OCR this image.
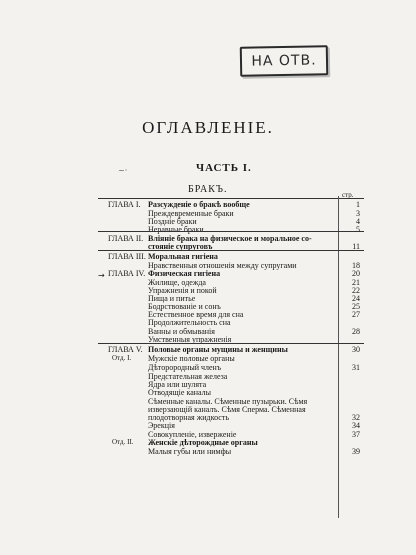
НА ОТВ.
ОГЛАВЛЕНІЕ.
~·	ЧАСТЬ I.
БРАКЪ.	стр.
→
ГЛАВА I. Разсужденіе о бракѣ вообще	1
Преждевременные браки	3
Поздніе браки	4
Неравные браки	5
ГЛАВА II. Вліяніе брака на физическое и моральное со-
стояніе супруговъ	11
ГЛАВА III. Моральная гигіена
Нравственныя отношенія между супругами	18
ГЛАВА IV. Физическая гигіена	20
Жилище, одежда	21
Упражненія и покой	22
Пища и питье	24
Бодрствованіе и сонъ	25
Естественное время для сна	27
Продолжительность сна
Ванны и обмыванія	28
Умственныя упражненія
ГЛАВА V. Половые органы мущины и женщины	30
Отд. I. Мужскіе половые органы
Дѣторородный членъ	31
Предстательная железа
Ядра или шулята
Отводящіе каналы
Сѣменные каналы. Сѣменные пузырьки. Сѣмя
изверзающій каналъ. Сѣмя Сперма. Сѣменная
плодотворная жидкость	32
Эрекція	34
Совокупленіе, изверженіе	37
Отд. II. Женскіе дѣторождные органы
Малыя губы или нимфы	39
